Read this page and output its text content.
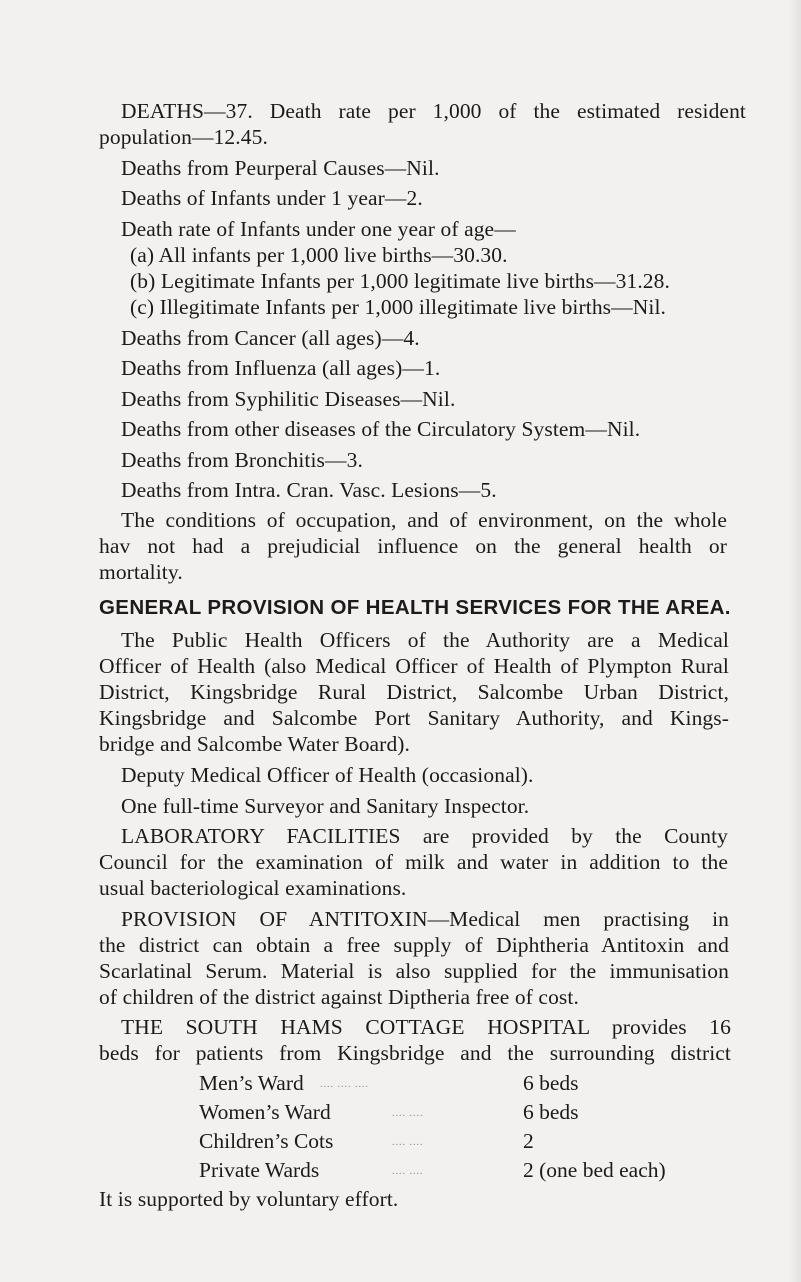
DEATHS—37. Death rate per 1,000 of the estimated resident
population—12.45.
Deaths from Peurperal Causes—Nil.
Deaths of Infants under 1 year—2.
Death rate of Infants under one year of age—
(a) All infants per 1,000 live births—30.30.
(b) Legitimate Infants per 1,000 legitimate live births—31.28.
(c) Illegitimate Infants per 1,000 illegitimate live births—Nil.
Deaths from Cancer (all ages)—4.
Deaths from Influenza (all ages)—1.
Deaths from Syphilitic Diseases—Nil.
Deaths from other diseases of the Circulatory System—Nil.
Deaths from Bronchitis—3.
Deaths from Intra. Cran. Vasc. Lesions—5.
The conditions of occupation, and of environment, on the whole
hav not had a prejudicial influence on the general health or
mortality.
GENERAL PROVISION OF HEALTH SERVICES FOR THE AREA.
The Public Health Officers of the Authority are a Medical
Officer of Health (also Medical Officer of Health of Plympton Rural
District, Kingsbridge Rural District, Salcombe Urban District,
Kingsbridge and Salcombe Port Sanitary Authority, and Kings-
bridge and Salcombe Water Board).
Deputy Medical Officer of Health (occasional).
One full-time Surveyor and Sanitary Inspector.
LABORATORY FACILITIES are provided by the County
Council for the examination of milk and water in addition to the
usual bacteriological examinations.
PROVISION OF ANTITOXIN—Medical men practising in
the district can obtain a free supply of Diphtheria Antitoxin and
Scarlatinal Serum. Material is also supplied for the immunisation
of children of the district against Diptheria free of cost.
THE SOUTH HAMS COTTAGE HOSPITAL provides 16
beds for patients from Kingsbridge and the surrounding district
Men’s Ward .... .... ....	6 beds
Women’s Ward	.... ....	6 beds
Children’s Cots	.... ....	2
Private Wards	.... ....	2 (one bed each)
It is supported by voluntary effort.
